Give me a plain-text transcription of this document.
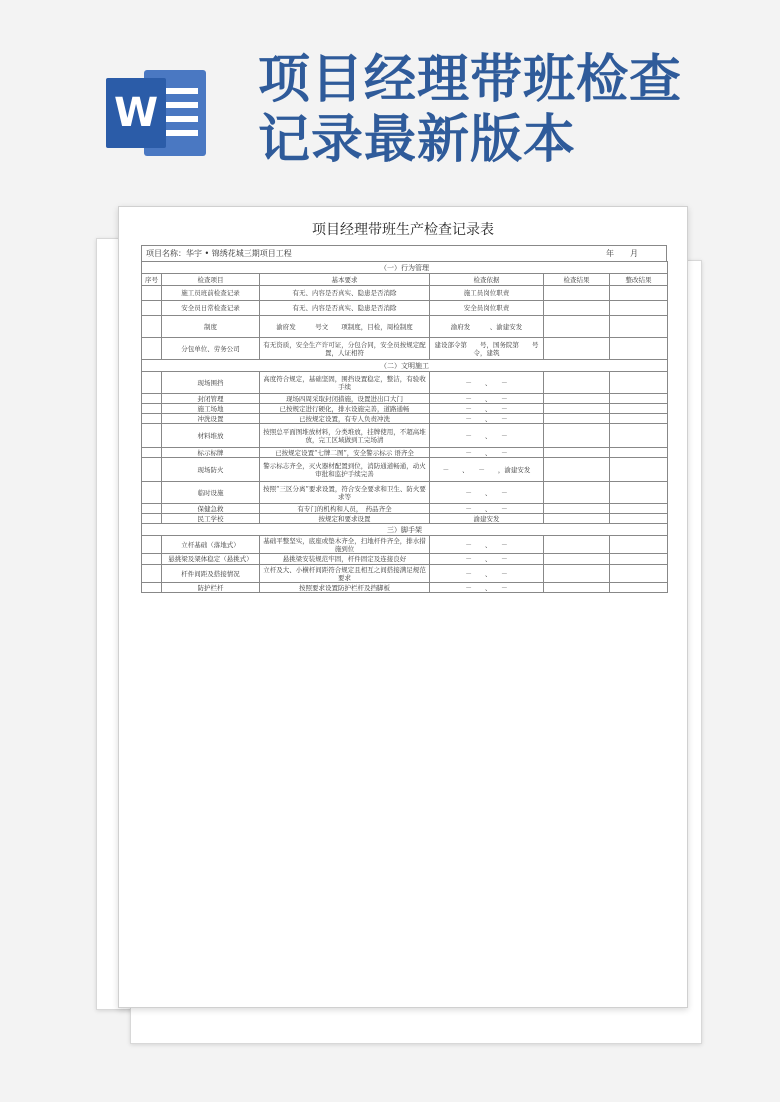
W
项目经理带班检查
记录最新版本
项目经理带班生产检查记录表
项目名称：华宇 • 锦绣花城三期项目工程	年　　月
（一）行为管理					
序号	检查项目	基本要求	检查依据	检查结果	整改结果
	施工员班前检查记录	有无、内容是否真实、隐患是否消除	施工员岗位职责		
	安全员日常检查记录	有无、内容是否真实、隐患是否消除	安全员岗位职责		
	制度	渝府发　　　号文　　项制度，目检，周检制度	渝府发　　　、渝建安发		
	分包单位、劳务公司	有无资质，安全生产许可证，分包合同，安全员按规定配置，人证相符	建设部令第　　号，国务院第　　号令，建筑		
（二）文明施工					
	现场围挡	高度符合规定，基础坚固，围挡设置稳定，整洁，有验收手续	－　　、　　－		
	封闭管理	现场四周采取封闭措施，设置进出口大门	－　　、　　－		
	施工场地	已按规定进行硬化，排水设施完善，道路通畅	－　　、　　－		
	冲洗设置	已按规定设置，有专人负责冲洗	－　　、　　－		
	材料堆放	按照总平面图堆放材料，分类堆放，挂牌使用，不超高堆放，完工区域做到工完场清	－　　、　　－		
	标示标牌	已按规定设置“七牌二图”，安全警示标示 语齐全	－　　、　　－		
	现场防火	警示标志齐全，灭火器材配置到位，消防通道畅通，动火审批和监护手续完善	－　　、　　－　　，渝建安发		
	临时设施	按照“三区分离”要求设置，符合安全要求和卫生、防火要求等	－　　、　　－		
	保健急救	有专门的机构和人员，　药品齐全	－　　、　　－		
	民工学校	按规定和要求设置	渝建安发		
三）脚手架					
	立杆基础（落地式）	基础平整坚实，底座或垫木齐全，扫地杆件齐全，排水措施到位	－　　、　　－		
	悬挑梁及架体稳定（悬挑式）	悬挑梁安装规范牢固，杆件固定及连接良好	－　　、　　－		
	杆件间距及搭接情况	立杆及大、小横杆间距符合规定且相互之间搭接满足规范要求	－　　、　　－		
	防护栏杆	按照要求设置防护栏杆及挡脚板	－　　、　　－		
